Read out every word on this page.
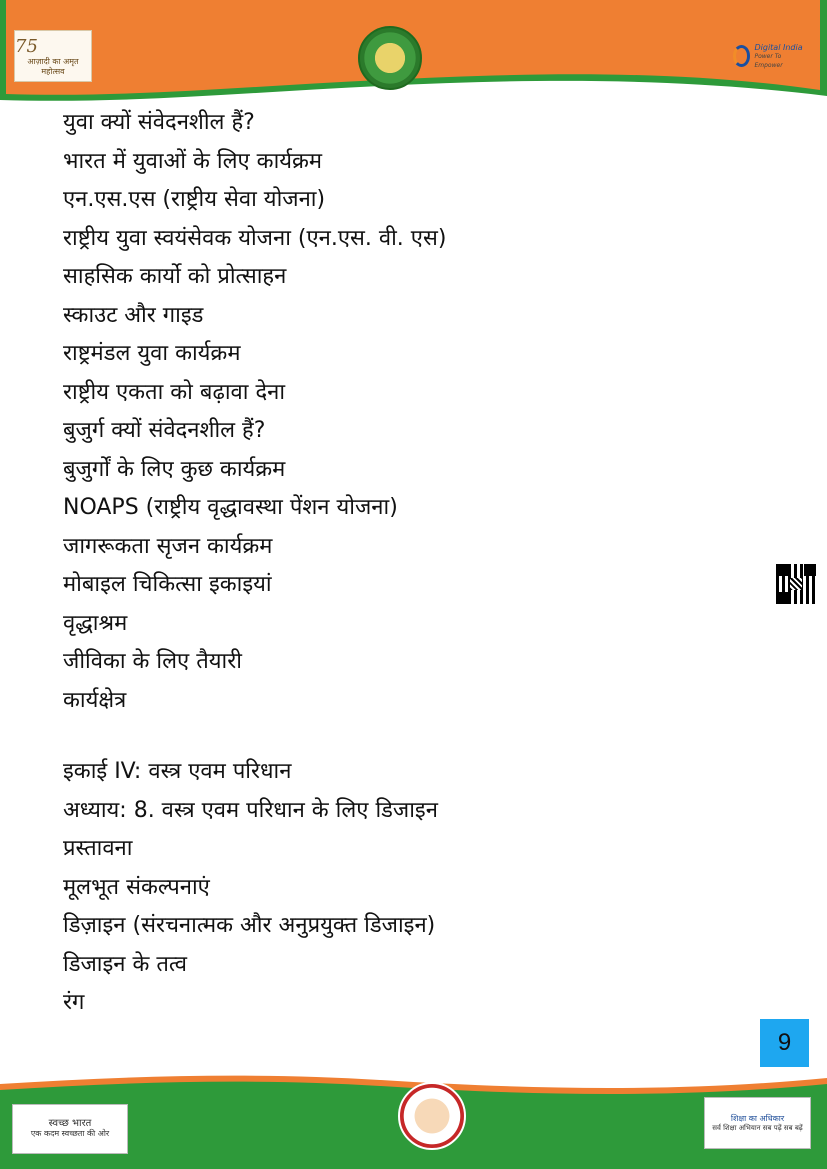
75
आज़ादी का अमृत महोत्सव
Digital India
Power To Empower
युवा क्यों संवेदनशील हैं?
भारत में युवाओं के लिए कार्यक्रम
एन.एस.एस (राष्ट्रीय सेवा योजना)
राष्ट्रीय युवा स्वयंसेवक योजना (एन.एस. वी. एस)
साहसिक कार्यो को प्रोत्साहन
स्काउट और गाइड
राष्ट्रमंडल युवा कार्यक्रम
राष्ट्रीय एकता को बढ़ावा देना
बुजुर्ग क्यों संवेदनशील हैं?
बुजुर्गों के लिए कुछ कार्यक्रम
NOAPS (राष्ट्रीय वृद्धावस्था पेंशन योजना)
जागरूकता सृजन कार्यक्रम
मोबाइल चिकित्सा इकाइयां
वृद्धाश्रम
जीविका के लिए तैयारी
कार्यक्षेत्र
इकाई IV: वस्त्र एवम परिधान
अध्याय: 8. वस्त्र एवम परिधान के लिए डिजाइन
प्रस्तावना
मूलभूत संकल्पनाएं
डिज़ाइन (संरचनात्मक और अनुप्रयुक्त डिजाइन)
डिजाइन के तत्व
रंग
9
स्वच्छ भारत
एक कदम स्वच्छता की ओर
शिक्षा का अधिकार
सर्व शिक्षा अभियान सब पढ़ें सब बढ़ें
